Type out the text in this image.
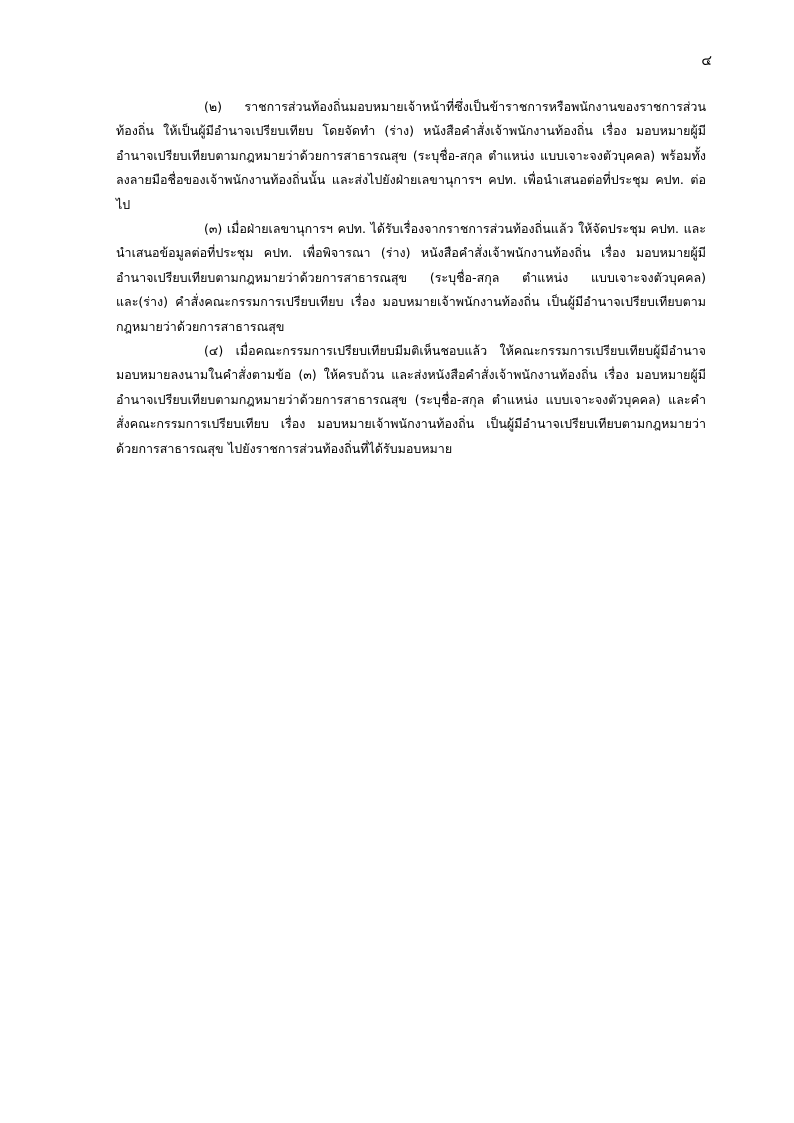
๔

(๒) ราชการส่วนท้องถิ่นมอบหมายเจ้าหน้าที่ซึ่งเป็นข้าราชการหรือพนักงานของราชการส่วนท้องถิ่น ให้เป็นผู้มีอำนาจเปรียบเทียบ โดยจัดทำ (ร่าง) หนังสือคำสั่งเจ้าพนักงานท้องถิ่น เรื่อง มอบหมายผู้มีอำนาจเปรียบเทียบตามกฎหมายว่าด้วยการสาธารณสุข (ระบุชื่อ-สกุล ตำแหน่ง แบบเจาะจงตัวบุคคล) พร้อมทั้งลงลายมือชื่อของเจ้าพนักงานท้องถิ่นนั้น และส่งไปยังฝ่ายเลขานุการฯ คปท. เพื่อนำเสนอต่อที่ประชุม คปท. ต่อไป

(๓) เมื่อฝ่ายเลขานุการฯ คปท. ได้รับเรื่องจากราชการส่วนท้องถิ่นแล้ว ให้จัดประชุม คปท. และนำเสนอข้อมูลต่อที่ประชุม คปท. เพื่อพิจารณา (ร่าง) หนังสือคำสั่งเจ้าพนักงานท้องถิ่น เรื่อง มอบหมายผู้มีอำนาจเปรียบเทียบตามกฎหมายว่าด้วยการสาธารณสุข (ระบุชื่อ-สกุล ตำแหน่ง แบบเจาะจงตัวบุคคล) และ(ร่าง) คำสั่งคณะกรรมการเปรียบเทียบ เรื่อง มอบหมายเจ้าพนักงานท้องถิ่น เป็นผู้มีอำนาจเปรียบเทียบตามกฎหมายว่าด้วยการสาธารณสุข

(๔) เมื่อคณะกรรมการเปรียบเทียบมีมติเห็นชอบแล้ว ให้คณะกรรมการเปรียบเทียบผู้มีอำนาจมอบหมายลงนามในคำสั่งตามข้อ (๓) ให้ครบถ้วน และส่งหนังสือคำสั่งเจ้าพนักงานท้องถิ่น เรื่อง มอบหมายผู้มีอำนาจเปรียบเทียบตามกฎหมายว่าด้วยการสาธารณสุข (ระบุชื่อ-สกุล ตำแหน่ง แบบเจาะจงตัวบุคคล) และคำสั่งคณะกรรมการเปรียบเทียบ เรื่อง มอบหมายเจ้าพนักงานท้องถิ่น เป็นผู้มีอำนาจเปรียบเทียบตามกฎหมายว่าด้วยการสาธารณสุข ไปยังราชการส่วนท้องถิ่นที่ได้รับมอบหมาย
